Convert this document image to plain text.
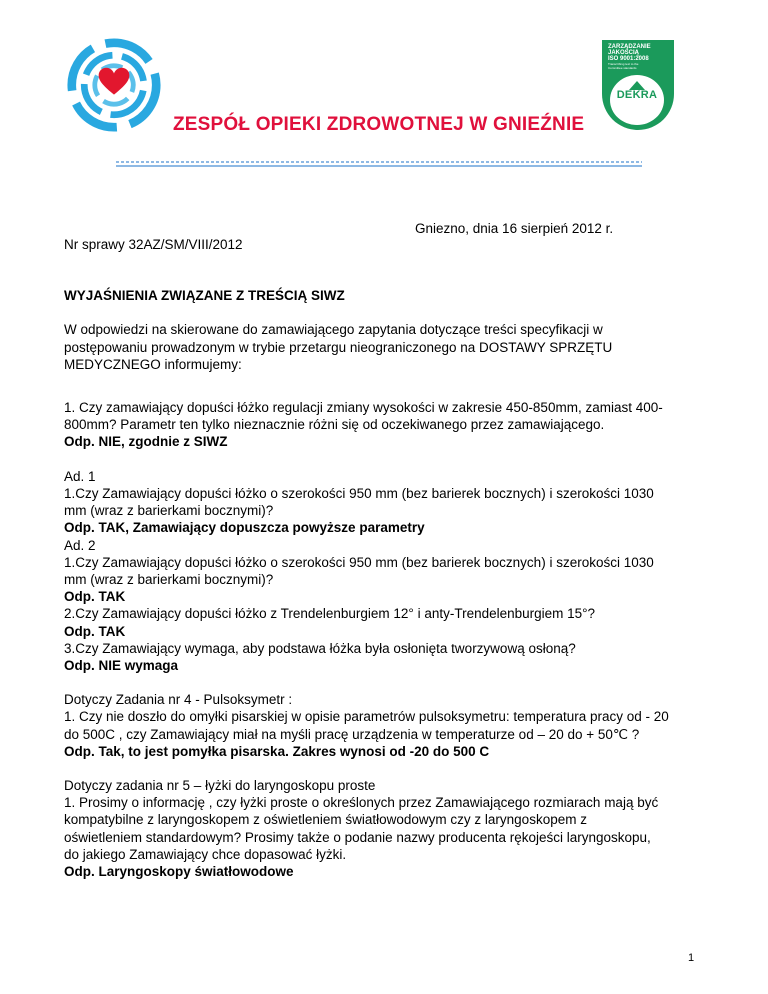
ZARZĄDZANIE
JAKOŚCIĄ
ISO 9001:2008
Transcribing text to the
Committee standards
DEKRA
ZESPÓŁ OPIEKI ZDROWOTNEJ W GNIEŹNIE
Gniezno, dnia 16 sierpień 2012 r.
Nr sprawy 32AZ/SM/VIII/2012

WYJAŚNIENIA ZWIĄZANE Z TREŚCIĄ SIWZ

W odpowiedzi na skierowane do zamawiającego zapytania dotyczące treści specyfikacji w

postępowaniu prowadzonym w trybie przetargu nieograniczonego na DOSTAWY SPRZĘTU

MEDYCZNEGO informujemy:

1. Czy zamawiający dopuści łóżko regulacji zmiany wysokości w zakresie 450-850mm, zamiast 400-

800mm? Parametr ten tylko nieznacznie różni się od oczekiwanego przez zamawiającego.

Odp. NIE, zgodnie z SIWZ

Ad. 1

1.Czy Zamawiający dopuści łóżko o szerokości 950 mm (bez barierek bocznych) i szerokości 1030

mm (wraz z barierkami bocznymi)?

Odp. TAK, Zamawiający dopuszcza powyższe parametry

Ad. 2

1.Czy Zamawiający dopuści łóżko o szerokości 950 mm (bez barierek bocznych) i szerokości 1030

mm (wraz z barierkami bocznymi)?

Odp. TAK

2.Czy Zamawiający dopuści łóżko z Trendelenburgiem 12° i anty-Trendelenburgiem 15°?

Odp. TAK

3.Czy Zamawiający wymaga, aby podstawa łóżka była osłonięta tworzywową osłoną?

Odp. NIE wymaga

Dotyczy Zadania nr 4 - Pulsoksymetr :

1. Czy nie doszło do omyłki pisarskiej w opisie parametrów pulsoksymetru: temperatura pracy od - 20

do 500C , czy Zamawiający miał na myśli pracę urządzenia w temperaturze od – 20 do + 50℃ ?

Odp. Tak, to jest pomyłka pisarska. Zakres wynosi od -20 do 500 C

Dotyczy zadania nr 5 – łyżki do laryngoskopu proste

1. Prosimy o informację , czy łyżki proste o określonych przez Zamawiającego rozmiarach mają być

kompatybilne z laryngoskopem z oświetleniem światłowodowym czy z laryngoskopem z

oświetleniem standardowym? Prosimy także o podanie nazwy producenta rękojeści laryngoskopu,

do jakiego Zamawiający chce dopasować łyżki.

Odp. Laryngoskopy światłowodowe

1
